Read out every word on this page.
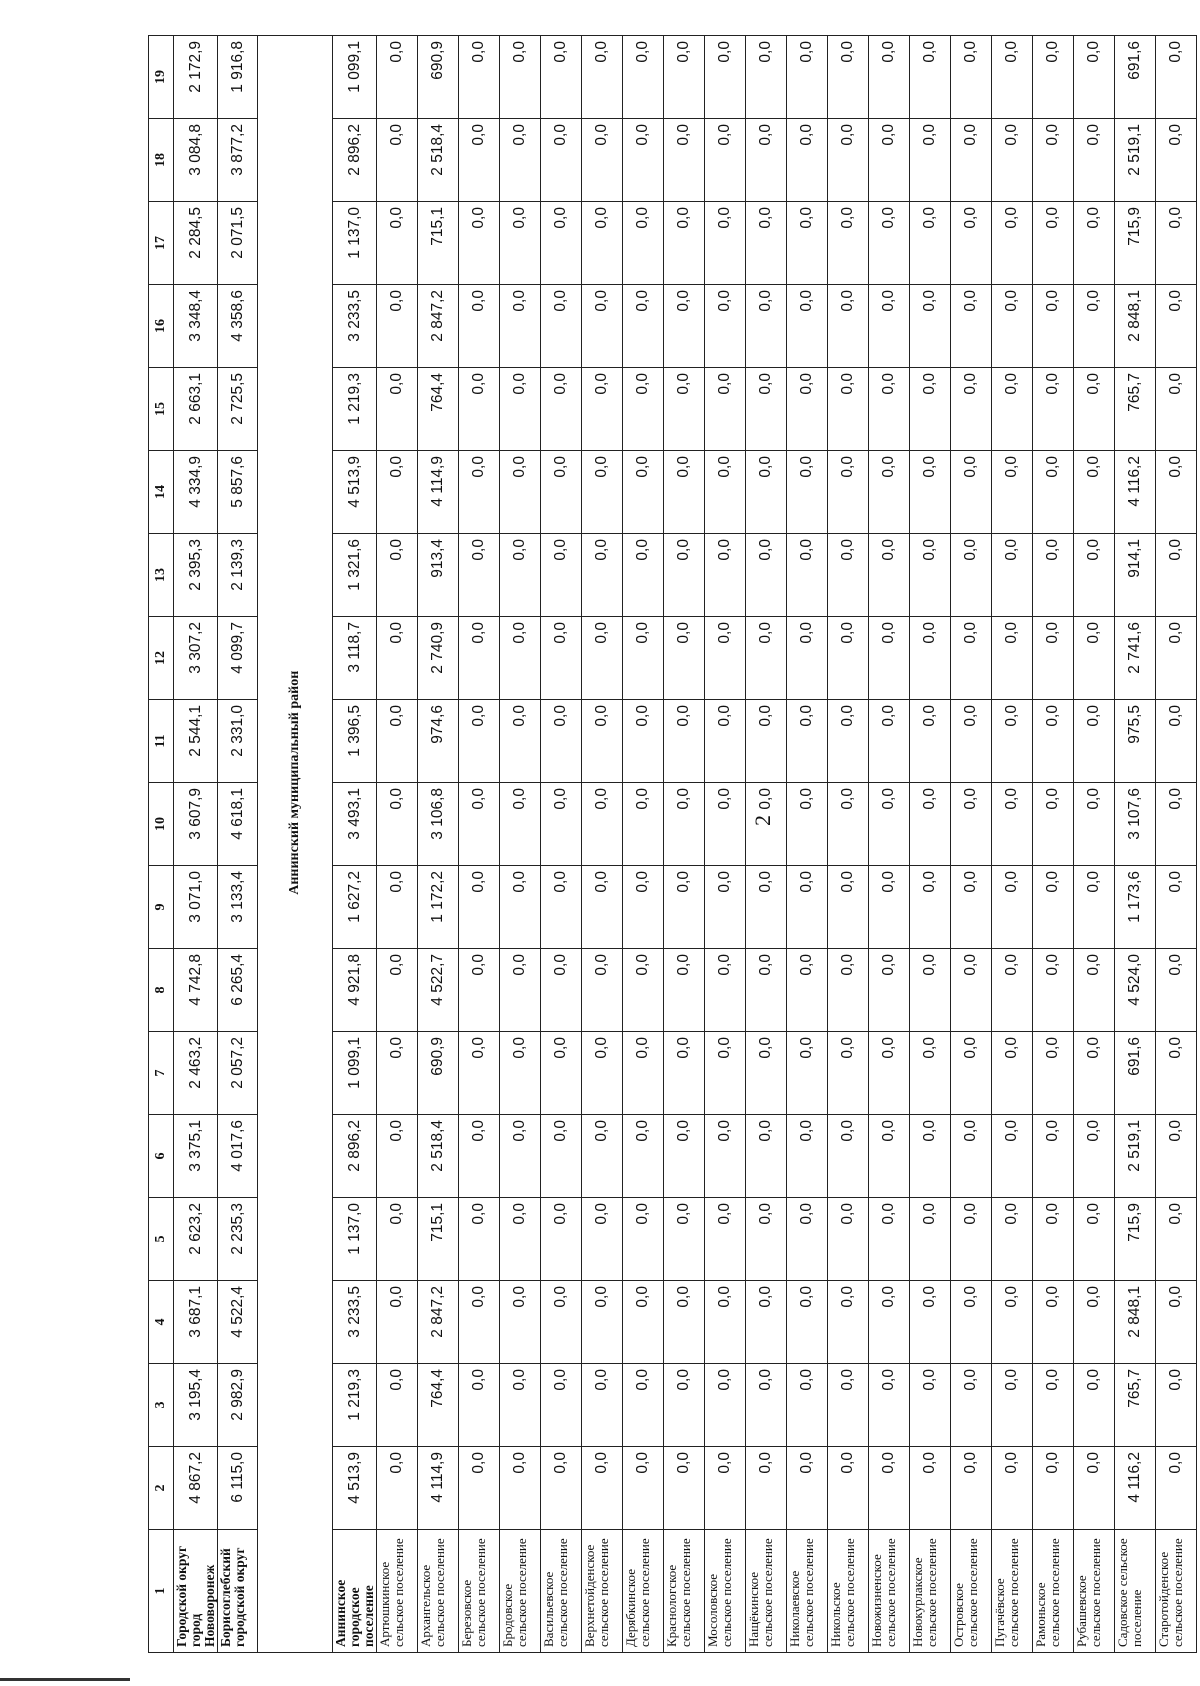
2
1	2	3	4	5	6	7	8	9	10	11	12	13	14	15	16	17	18	19
Городской округ город Нововоронеж	4 867,2	3 195,4	3 687,1	2 623,2	3 375,1	2 463,2	4 742,8	3 071,0	3 607,9	2 544,1	3 307,2	2 395,3	4 334,9	2 663,1	3 348,4	2 284,5	3 084,8	2 172,9
Борисоглебский городской округ	6 115,0	2 982,9	4 522,4	2 235,3	4 017,6	2 057,2	6 265,4	3 133,4	4 618,1	2 331,0	4 099,7	2 139,3	5 857,6	2 725,5	4 358,6	2 071,5	3 877,2	1 916,8
	Аннинский муниципальный район																	
Аннинское городское поселение	4 513,9	1 219,3	3 233,5	1 137,0	2 896,2	1 099,1	4 921,8	1 627,2	3 493,1	1 396,5	3 118,7	1 321,6	4 513,9	1 219,3	3 233,5	1 137,0	2 896,2	1 099,1
Артюшкинское сельское поселение	0,0	0,0	0,0	0,0	0,0	0,0	0,0	0,0	0,0	0,0	0,0	0,0	0,0	0,0	0,0	0,0	0,0	0,0
Архангельское сельское поселение	4 114,9	764,4	2 847,2	715,1	2 518,4	690,9	4 522,7	1 172,2	3 106,8	974,6	2 740,9	913,4	4 114,9	764,4	2 847,2	715,1	2 518,4	690,9
Березовское сельское поселение	0,0	0,0	0,0	0,0	0,0	0,0	0,0	0,0	0,0	0,0	0,0	0,0	0,0	0,0	0,0	0,0	0,0	0,0
Бродовское сельское поселение	0,0	0,0	0,0	0,0	0,0	0,0	0,0	0,0	0,0	0,0	0,0	0,0	0,0	0,0	0,0	0,0	0,0	0,0
Васильевское сельское поселение	0,0	0,0	0,0	0,0	0,0	0,0	0,0	0,0	0,0	0,0	0,0	0,0	0,0	0,0	0,0	0,0	0,0	0,0
Верхнетойденское сельское поселение	0,0	0,0	0,0	0,0	0,0	0,0	0,0	0,0	0,0	0,0	0,0	0,0	0,0	0,0	0,0	0,0	0,0	0,0
Дерябкинское сельское поселение	0,0	0,0	0,0	0,0	0,0	0,0	0,0	0,0	0,0	0,0	0,0	0,0	0,0	0,0	0,0	0,0	0,0	0,0
Краснологское сельское поселение	0,0	0,0	0,0	0,0	0,0	0,0	0,0	0,0	0,0	0,0	0,0	0,0	0,0	0,0	0,0	0,0	0,0	0,0
Мосоловское сельское поселение	0,0	0,0	0,0	0,0	0,0	0,0	0,0	0,0	0,0	0,0	0,0	0,0	0,0	0,0	0,0	0,0	0,0	0,0
Нащёкинское сельское поселение	0,0	0,0	0,0	0,0	0,0	0,0	0,0	0,0	0,0	0,0	0,0	0,0	0,0	0,0	0,0	0,0	0,0	0,0
Николаевское сельское поселение	0,0	0,0	0,0	0,0	0,0	0,0	0,0	0,0	0,0	0,0	0,0	0,0	0,0	0,0	0,0	0,0	0,0	0,0
Никольское сельское поселение	0,0	0,0	0,0	0,0	0,0	0,0	0,0	0,0	0,0	0,0	0,0	0,0	0,0	0,0	0,0	0,0	0,0	0,0
Новожизненское сельское поселение	0,0	0,0	0,0	0,0	0,0	0,0	0,0	0,0	0,0	0,0	0,0	0,0	0,0	0,0	0,0	0,0	0,0	0,0
Новокурлакское сельское поселение	0,0	0,0	0,0	0,0	0,0	0,0	0,0	0,0	0,0	0,0	0,0	0,0	0,0	0,0	0,0	0,0	0,0	0,0
Островское сельское поселение	0,0	0,0	0,0	0,0	0,0	0,0	0,0	0,0	0,0	0,0	0,0	0,0	0,0	0,0	0,0	0,0	0,0	0,0
Пугачёвское сельское поселение	0,0	0,0	0,0	0,0	0,0	0,0	0,0	0,0	0,0	0,0	0,0	0,0	0,0	0,0	0,0	0,0	0,0	0,0
Рамоньское сельское поселение	0,0	0,0	0,0	0,0	0,0	0,0	0,0	0,0	0,0	0,0	0,0	0,0	0,0	0,0	0,0	0,0	0,0	0,0
Рубашевское сельское поселение	0,0	0,0	0,0	0,0	0,0	0,0	0,0	0,0	0,0	0,0	0,0	0,0	0,0	0,0	0,0	0,0	0,0	0,0
Садовское сельское поселение	4 116,2	765,7	2 848,1	715,9	2 519,1	691,6	4 524,0	1 173,6	3 107,6	975,5	2 741,6	914,1	4 116,2	765,7	2 848,1	715,9	2 519,1	691,6
Старотойденское сельское поселение	0,0	0,0	0,0	0,0	0,0	0,0	0,0	0,0	0,0	0,0	0,0	0,0	0,0	0,0	0,0	0,0	0,0	0,0
